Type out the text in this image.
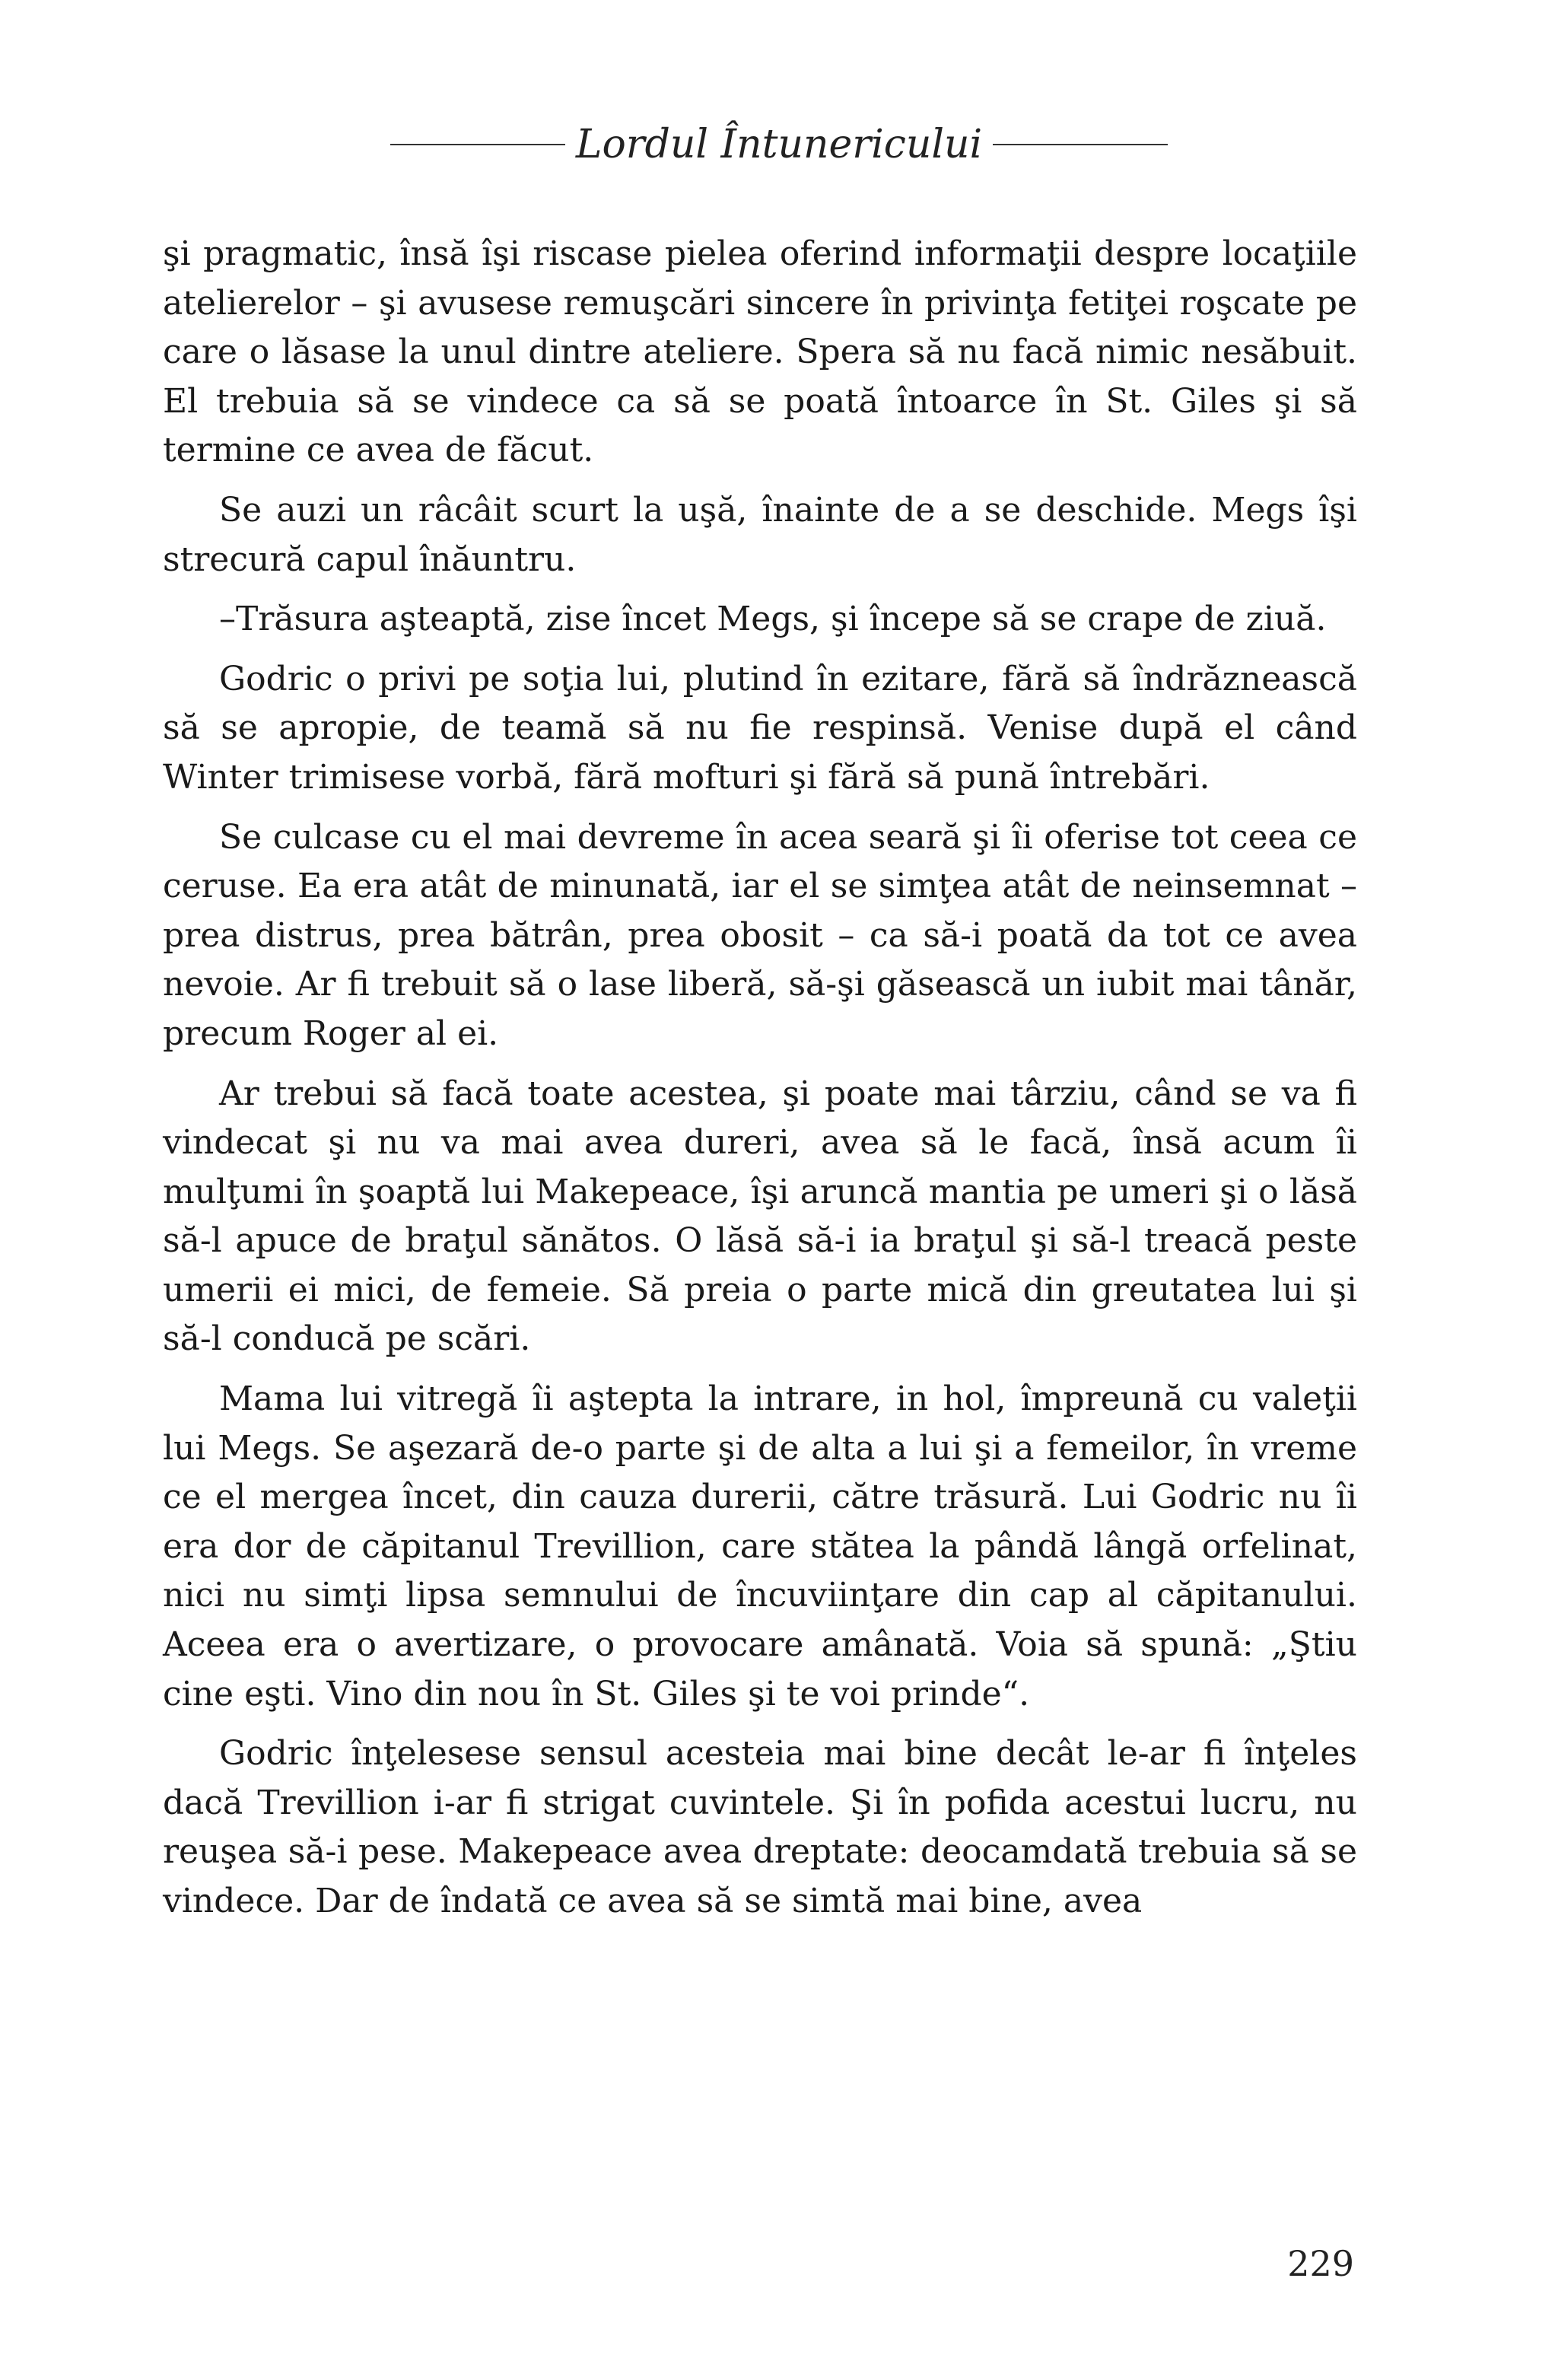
Lordul Întunericului

şi pragmatic, însă îşi riscase pielea oferind informaţii despre locaţiile atelierelor – şi avusese remuşcări sincere în privinţa fetiţei roşcate pe care o lăsase la unul dintre ateliere. Spera să nu facă nimic nesăbuit. El trebuia să se vindece ca să se poată întoarce în St. Giles şi să termine ce avea de făcut.

Se auzi un râcâit scurt la uşă, înainte de a se deschide. Megs îşi strecură capul înăuntru.

–Trăsura aşteaptă, zise încet Megs, şi începe să se crape de ziuă.

Godric o privi pe soţia lui, plutind în ezitare, fără să îndrăznească să se apropie, de teamă să nu fie respinsă. Venise după el când Winter trimisese vorbă, fără mofturi şi fără să pună întrebări.

Se culcase cu el mai devreme în acea seară şi îi oferise tot ceea ce ceruse. Ea era atât de minunată, iar el se simţea atât de neinsemnat – prea distrus, prea bătrân, prea obosit – ca să-i poată da tot ce avea nevoie. Ar fi trebuit să o lase liberă, să-şi găsească un iubit mai tânăr, precum Roger al ei.

Ar trebui să facă toate acestea, şi poate mai târziu, când se va fi vindecat şi nu va mai avea dureri, avea să le facă, însă acum îi mulţumi în şoaptă lui Makepeace, îşi aruncă mantia pe umeri şi o lăsă să-l apuce de braţul sănătos. O lăsă să-i ia braţul şi să-l treacă peste umerii ei mici, de femeie. Să preia o parte mică din greutatea lui şi să-l conducă pe scări.

Mama lui vitregă îi aştepta la intrare, in hol, împreună cu valeţii lui Megs. Se aşezară de-o parte şi de alta a lui şi a femeilor, în vreme ce el mergea încet, din cauza durerii, către trăsură. Lui Godric nu îi era dor de căpitanul Trevillion, care stătea la pândă lângă orfelinat, nici nu simţi lipsa semnului de încuviinţare din cap al căpitanului. Aceea era o avertizare, o provocare amânată. Voia să spună: „Ştiu cine eşti. Vino din nou în St. Giles şi te voi prinde“.

Godric înţelesese sensul acesteia mai bine decât le-ar fi înţeles dacă Trevillion i-ar fi strigat cuvintele. Şi în pofida acestui lucru, nu reuşea să-i pese. Makepeace avea dreptate: deocamdată trebuia să se vindece. Dar de îndată ce avea să se simtă mai bine, avea

229
